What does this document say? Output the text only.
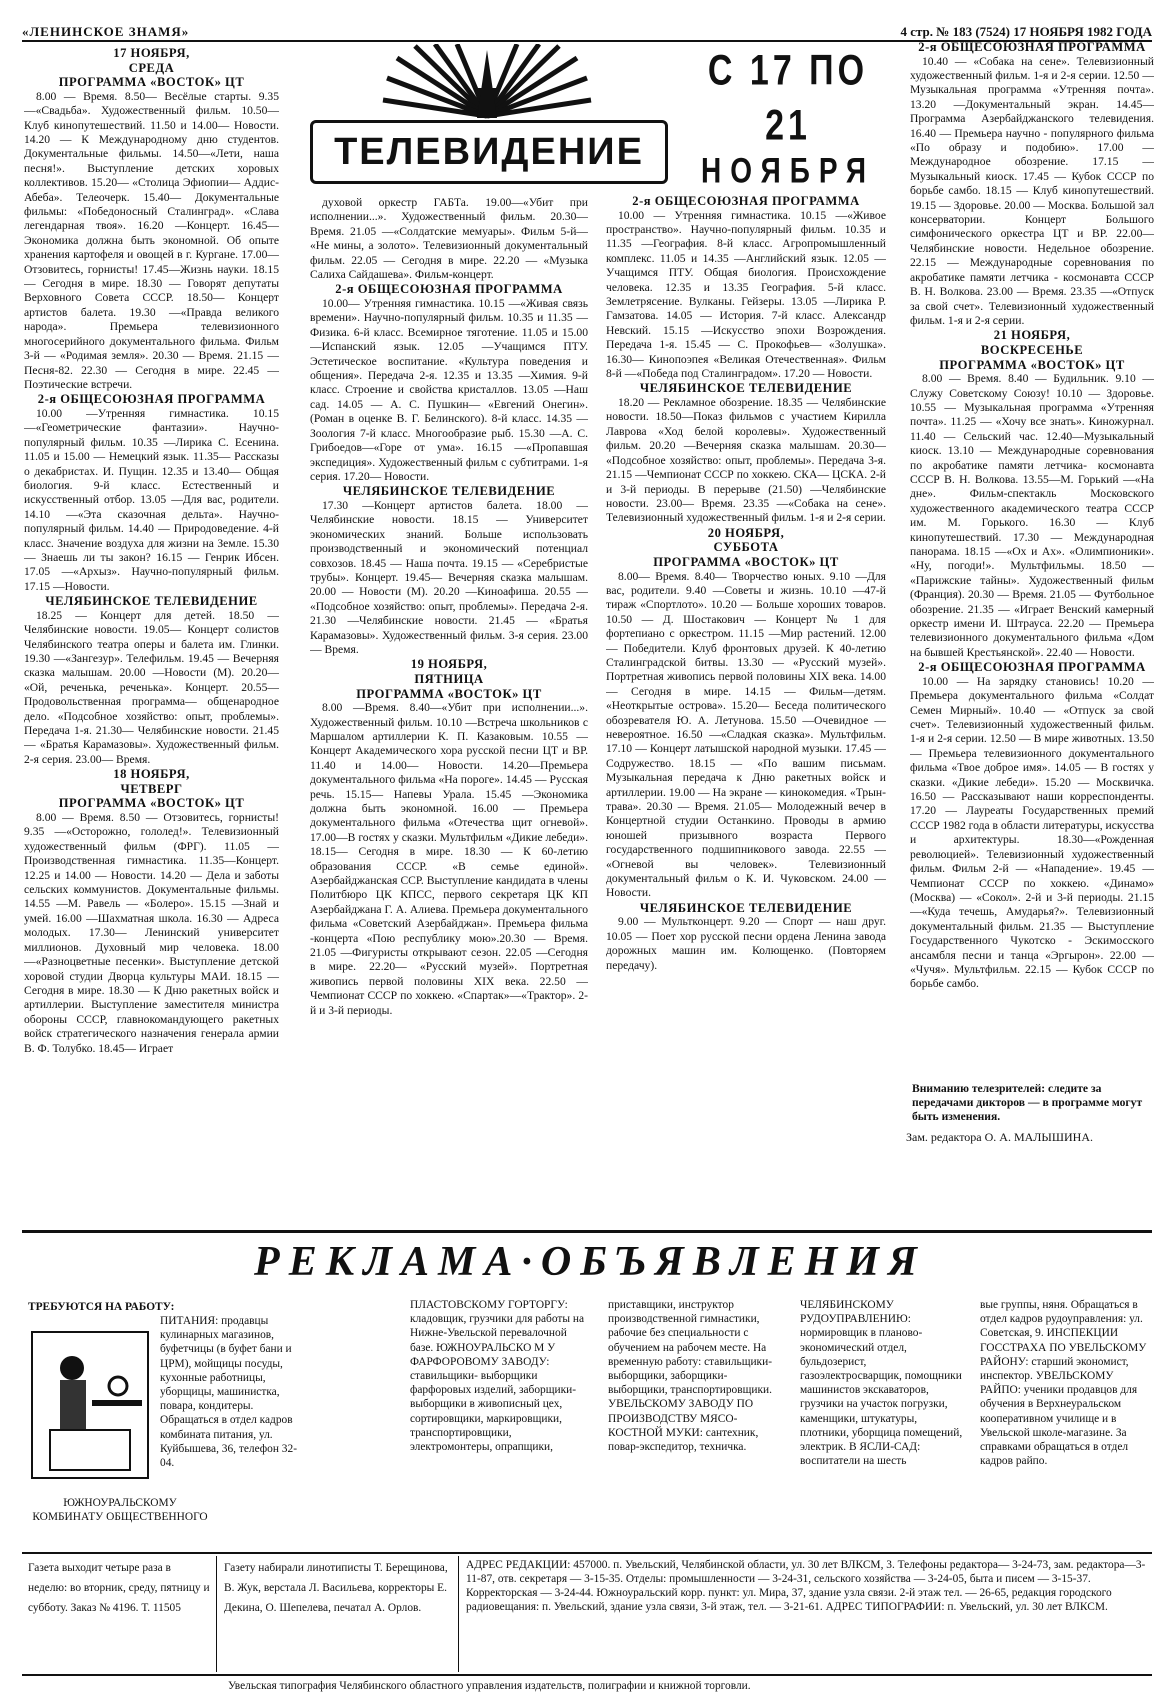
«ЛЕНИНСКОЕ ЗНАМЯ»	4 стр. № 183 (7524) 17 НОЯБРЯ 1982 ГОДА
17 НОЯБРЯ,
СРЕДА
ПРОГРАММА «ВОСТОК» ЦТ

8.00 — Время. 8.50— Весёлые старты. 9.35 —«Свадьба». Художественный фильм. 10.50— Клуб кинопутешествий. 11.50 и 14.00— Новости. 14.20 — К Международному дню студентов. Документальные фильмы. 14.50—«Лети, наша песня!». Выступление детских хоровых коллективов. 15.20— «Столица Эфиопии— Аддис-Абеба». Телеочерк. 15.40— Документальные фильмы: «Победоносный Сталинград». «Слава легендарная твоя». 16.20 —Концерт. 16.45— Экономика должна быть экономной. Об опыте хранения картофеля и овощей в г. Кургане. 17.00— Отзовитесь, горнисты! 17.45—Жизнь науки. 18.15 — Сегодня в мире. 18.30 — Говорят депутаты Верховного Совета СССР. 18.50— Концерт артистов балета. 19.30 —«Правда великого народа». Премьера телевизионного многосерийного документального фильма. Фильм 3-й — «Родимая земля». 20.30 — Время. 21.15 — Песня-82. 22.30 — Сегодня в мире. 22.45 — Поэтические встречи.

2-я ОБЩЕСОЮЗНАЯ ПРОГРАММА

10.00 —Утренняя гимнастика. 10.15 —«Геометрические фантазии». Научно-популярный фильм. 10.35 —Лирика С. Есенина. 11.05 и 15.00 — Немецкий язык. 11.35— Рассказы о декабристах. И. Пущин. 12.35 и 13.40— Общая биология. 9-й класс. Естественный и искусственный отбор. 13.05 —Для вас, родители. 14.10 —«Эта сказочная дельта». Научно-популярный фильм. 14.40 — Природоведение. 4-й класс. Значение воздуха для жизни на Земле. 15.30 — Знаешь ли ты закон? 16.15 — Генрик Ибсен. 17.05 —«Архыз». Научно-популярный фильм. 17.15 —Новости.

ЧЕЛЯБИНСКОЕ ТЕЛЕВИДЕНИЕ

18.25 — Концерт для детей. 18.50 — Челябинские новости. 19.05— Концерт солистов Челябинского театра оперы и балета им. Глинки. 19.30 —«Зангезур». Телефильм. 19.45 — Вечерняя сказка малышам. 20.00 —Новости (М). 20.20— «Ой, реченька, реченька». Концерт. 20.55— Продовольственная программа— общенародное дело. «Подсобное хозяйство: опыт, проблемы». Передача 1-я. 21.30— Челябинские новости. 21.45 — «Братья Карамазовы». Художественный фильм. 2-я серия. 23.00— Время.

18 НОЯБРЯ,
ЧЕТВЕРГ
ПРОГРАММА «ВОСТОК» ЦТ

8.00 — Время. 8.50 — Отзовитесь, горнисты! 9.35 —«Осторожно, гололед!». Телевизионный художественный фильм (ФРГ). 11.05 — Производственная гимнастика. 11.35—Концерт. 12.25 и 14.00 — Новости. 14.20 — Дела и заботы сельских коммунистов. Документальные фильмы. 14.55 —М. Равель — «Болеро». 15.15 —Знай и умей. 16.00 —Шахматная школа. 16.30 — Адреса молодых. 17.30— Ленинский университет миллионов. Духовный мир человека. 18.00 —«Разноцветные песенки». Выступление детской хоровой студии Дворца культуры МАИ. 18.15 —Сегодня в мире. 18.30 — К Дню ракетных войск и артиллерии. Выступление заместителя министра обороны СССР, главнокомандующего ракетных войск стратегического назначения генерала армии В. Ф. Толубко. 18.45— Играет

ТЕЛЕВИДЕНИЕ
С 17 ПО 21
НОЯБРЯ

духовой оркестр ГАБТа. 19.00—«Убит при исполнении...». Художественный фильм. 20.30— Время. 21.05 —«Солдатские мемуары». Фильм 5-й— «Не мины, а золото». Телевизионный документальный фильм. 22.05 — Сегодня в мире. 22.20 — «Музыка Салиха Сайдашева». Фильм-концерт.

2-я ОБЩЕСОЮЗНАЯ ПРОГРАММА

10.00— Утренняя гимнастика. 10.15 —«Живая связь времени». Научно-популярный фильм. 10.35 и 11.35 — Физика. 6-й класс. Всемирное тяготение. 11.05 и 15.00 —Испанский язык. 12.05 —Учащимся ПТУ. Эстетическое воспитание. «Культура поведения и общения». Передача 2-я. 12.35 и 13.35 —Химия. 9-й класс. Строение и свойства кристаллов. 13.05 —Наш сад. 14.05 — А. С. Пушкин— «Евгений Онегин». (Роман в оценке В. Г. Белинского). 8-й класс. 14.35 —Зоология 7-й класс. Многообразие рыб. 15.30 —А. С. Грибоедов—«Горе от ума». 16.15 —«Пропавшая экспедиция». Художественный фильм с субтитрами. 1-я серия. 17.20— Новости.

ЧЕЛЯБИНСКОЕ ТЕЛЕВИДЕНИЕ

17.30 —Концерт артистов балета. 18.00 — Челябинские новости. 18.15 — Университет экономических знаний. Больше использовать производственный и экономический потенциал совхозов. 18.45 — Наша почта. 19.15 — «Серебристые трубы». Концерт. 19.45— Вечерняя сказка малышам. 20.00 — Новости (М). 20.20 —Киноафиша. 20.55 — «Подсобное хозяйство: опыт, проблемы». Передача 2-я. 21.30 —Челябинские новости. 21.45 — «Братья Карамазовы». Художественный фильм. 3-я серия. 23.00 — Время.

19 НОЯБРЯ,
ПЯТНИЦА
ПРОГРАММА «ВОСТОК» ЦТ

8.00 —Время. 8.40—«Убит при исполнении...». Художественный фильм. 10.10 —Встреча школьников с Маршалом артиллерии К. П. Казаковым. 10.55 —Концерт Академического хора русской песни ЦТ и ВР. 11.40 и 14.00— Новости. 14.20—Премьера документального фильма «На пороге». 14.45 — Русская речь. 15.15— Напевы Урала. 15.45 —Экономика должна быть экономной. 16.00 — Премьера документального фильма «Отечества щит огневой». 17.00—В гостях у сказки. Мультфильм «Дикие лебеди». 18.15— Сегодня в мире. 18.30 — К 60-летию образования СССР. «В семье единой». Азербайджанская ССР. Выступление кандидата в члены Политбюро ЦК КПСС, первого секретаря ЦК КП Азербайджана Г. А. Алиева. Премьера документального фильма «Советский Азербайджан». Премьера фильма -концерта «Пою республику мою».20.30 — Время. 21.05 —Фигуристы открывают сезон. 22.05 —Сегодня в мире. 22.20— «Русский музей». Портретная живопись первой половины XIX века. 22.50 — Чемпионат СССР по хоккею. «Спартак»—«Трактор». 2-й и 3-й периоды.

2-я ОБЩЕСОЮЗНАЯ ПРОГРАММА

10.00 — Утренняя гимнастика. 10.15 —«Живое пространство». Научно-популярный фильм. 10.35 и 11.35 —География. 8-й класс. Агропромышленный комплекс. 11.05 и 14.35 —Английский язык. 12.05 — Учащимся ПТУ. Общая биология. Происхождение человека. 12.35 и 13.35 География. 5-й класс. Землетрясение. Вулканы. Гейзеры. 13.05 —Лирика Р. Гамзатова. 14.05 — История. 7-й класс. Александр Невский. 15.15 —Искусство эпохи Возрождения. Передача 1-я. 15.45 — С. Прокофьев— «Золушка». 16.30— Кинопоэпея «Великая Отечественная». Фильм 8-й —«Победа под Сталинградом». 17.20 — Новости.

ЧЕЛЯБИНСКОЕ ТЕЛЕВИДЕНИЕ

18.20 — Рекламное обозрение. 18.35 — Челябинские новости. 18.50—Показ фильмов с участием Кирилла Лаврова «Ход белой королевы». Художественный фильм. 20.20 —Вечерняя сказка малышам. 20.30— «Подсобное хозяйство: опыт, проблемы». Передача 3-я. 21.15 —Чемпионат СССР по хоккею. СКА— ЦСКА. 2-й и 3-й периоды. В перерыве (21.50) —Челябинские новости. 23.00— Время. 23.35 —«Собака на сене». Телевизионный художественный фильм. 1-я и 2-я серии.

20 НОЯБРЯ,
СУББОТА
ПРОГРАММА «ВОСТОК» ЦТ

8.00— Время. 8.40— Творчество юных. 9.10 —Для вас, родители. 9.40 —Советы и жизнь. 10.10 —47-й тираж «Спортлото». 10.20 — Больше хороших товаров. 10.50 — Д. Шостакович — Концерт № 1 для фортепиано с оркестром. 11.15 —Мир растений. 12.00— Победители. Клуб фронтовых друзей. К 40-летию Сталинградской битвы. 13.30 — «Русский музей». Портретная живопись первой половины XIX века. 14.00 — Сегодня в мире. 14.15 — Фильм—детям. «Неоткрытые острова». 15.20— Беседа политического обозревателя Ю. А. Летунова. 15.50 —Очевидное — невероятное. 16.50 —«Сладкая сказка». Мультфильм. 17.10 — Концерт латышской народной музыки. 17.45 — Содружество. 18.15 — «По вашим письмам. Музыкальная передача к Дню ракетных войск и артиллерии. 19.00 — На экране — кинокомедия. «Трын-трава». 20.30 — Время. 21.05— Молодежный вечер в Концертной студии Останкино. Проводы в армию юношей призывного возраста Первого государственного подшипникового завода. 22.55 — «Огневой вы человек». Телевизионный документальный фильм о К. И. Чуковском. 24.00 — Новости.

ЧЕЛЯБИНСКОЕ ТЕЛЕВИДЕНИЕ

9.00 — Мультконцерт. 9.20 — Спорт — наш друг. 10.05 — Поет хор русской песни ордена Ленина завода дорожных машин им. Колющенко. (Повторяем передачу).

2-я ОБЩЕСОЮЗНАЯ ПРОГРАММА

10.40 — «Собака на сене». Телевизионный художественный фильм. 1-я и 2-я серии. 12.50 — Музыкальная программа «Утренняя почта». 13.20 —Документальный экран. 14.45—Программа Азербайджанского телевидения. 16.40 — Премьера научно - популярного фильма «По образу и подобию». 17.00 — Международное обозрение. 17.15 — Музыкальный киоск. 17.45 — Кубок СССР по борьбе самбо. 18.15 — Клуб кинопутешествий. 19.15 — Здоровье. 20.00 — Москва. Большой зал консерватории. Концерт Большого симфонического оркестра ЦТ и ВР. 22.00—Челябинские новости. Недельное обозрение. 22.15 — Международные соревнования по акробатике памяти летчика - космонавта СССР В. Н. Волкова. 23.00 — Время. 23.35 —«Отпуск за свой счет». Телевизионный художественный фильм. 1-я и 2-я серии.

21 НОЯБРЯ,
ВОСКРЕСЕНЬЕ
ПРОГРАММА «ВОСТОК» ЦТ

8.00 — Время. 8.40 — Будильник. 9.10 — Служу Советскому Союзу! 10.10 — Здоровье. 10.55 — Музыкальная программа «Утренняя почта». 11.25 — «Хочу все знать». Киножурнал. 11.40 — Сельский час. 12.40—Музыкальный киоск. 13.10 — Международные соревнования по акробатике памяти летчика- космонавта СССР В. Н. Волкова. 13.55—М. Горький —«На дне». Фильм-спектакль Московского художественного академического театра СССР им. М. Горького. 16.30 — Клуб кинопутешествий. 17.30 — Международная панорама. 18.15 —«Ох и Ах». «Олимпионики». «Ну, погоди!». Мультфильмы. 18.50 — «Парижские тайны». Художественный фильм (Франция). 20.30 — Время. 21.05 — Футбольное обозрение. 21.35 — «Играет Венский камерный оркестр имени И. Штрауса. 22.20 — Премьера телевизионного документального фильма «Дом на бывшей Крестьянской». 22.40 — Новости.

2-я ОБЩЕСОЮЗНАЯ ПРОГРАММА

10.00 — На зарядку становись! 10.20 — Премьера документального фильма «Солдат Семен Мирный». 10.40 — «Отпуск за свой счет». Телевизионный художественный фильм. 1-я и 2-я серии. 12.50 — В мире животных. 13.50 — Премьера телевизионного документального фильма «Твое доброе имя». 14.05 — В гостях у сказки. «Дикие лебеди». 15.20 — Москвичка. 16.50 — Рассказывают наши корреспонденты. 17.20 — Лауреаты Государственных премий СССР 1982 года в области литературы, искусства и архитектуры. 18.30—«Рожденная революцией». Телевизионный художественный фильм. Фильм 2-й — «Нападение». 19.45 — Чемпионат СССР по хоккею. «Динамо» (Москва) — «Сокол». 2-й и 3-й периоды. 21.15—«Куда течешь, Амударья?». Телевизионный документальный фильм. 21.35 — Выступление Государственного Чукотско - Эскимосского ансамбля песни и танца «Эргырон». 22.00 — «Чучя». Мультфильм. 22.15 — Кубок СССР по борьбе самбо.

Вниманию телезрителей: следите за передачами дикторов — в программе могут быть изменения.
Зам. редактора О. А. МАЛЫШИНА.
РЕКЛАМА·ОБЪЯВЛЕНИЯ
ТРЕБУЮТСЯ НА РАБОТУ:
ПИТАНИЯ: продавцы кулинарных магазинов, буфетчицы (в буфет бани и ЦРМ), мойщицы посуды, кухонные работницы, уборщицы, машинистка, повара, кондитеры. Обращаться в отдел кадров комбината питания, ул. Куйбышева, 36, телефон 32-04.
ЮЖНОУРАЛЬСКОМУ КОМБИНАТУ ОБЩЕСТВЕННОГО
ПЛАСТОВСКОМУ ГОРТОРГУ: кладовщик, грузчики для работы на Нижне-Увельской перевалочной базе. ЮЖНОУРАЛЬСКО М У ФАРФОРОВОМУ ЗАВОДУ: ставильщики- выборщики фарфоровых изделий, заборщики- выборщики в живописный цех, сортировщики, маркировщики, транспортировщики, электромонтеры, опрапщики,
приставщики, инструктор производственной гимнастики, рабочие без специальности с обучением на рабочем месте. На временную работу: ставильщики- выборщики, заборщики-выборщики, транспортировщики. УВЕЛЬСКОМУ ЗАВОДУ ПО ПРОИЗВОДСТВУ МЯСО-КОСТНОЙ МУКИ: сантехник, повар-экспедитор, техничка.
ЧЕЛЯБИНСКОМУ РУДОУПРАВЛЕНИЮ: нормировщик в планово- экономический отдел, бульдозерист, газоэлектросварщик, помощники машинистов экскаваторов, грузчики на участок погрузки, каменщики, штукатуры, плотники, уборщица помещений, электрик. В ЯСЛИ-САД: воспитатели на шесть
вые группы, няня. Обращаться в отдел кадров рудоуправления: ул. Советская, 9. ИНСПЕКЦИИ ГОССТРАХА ПО УВЕЛЬСКОМУ РАЙОНУ: старший экономист, инспектор. УВЕЛЬСКОМУ РАЙПО: ученики продавцов для обучения в Верхнеуральском кооперативном училище и в Увельской школе-магазине. За справками обращаться в отдел кадров райпо.
Газета выходит четыре раза в неделю: во вторник, среду, пятницу и субботу. Заказ № 4196. Т. 11505
Газету набирали линотиписты Т. Берещинова, В. Жук, верстала Л. Васильева, корректоры Е. Декина, О. Шепелева, печатал А. Орлов.
АДРЕС РЕДАКЦИИ: 457000. п. Увельский, Челябинской области, ул. 30 лет ВЛКСМ, 3. Телефоны редактора— 3-24-73, зам. редактора—3-11-87, отв. секретаря — 3-15-35. Отделы: промышленности — 3-24-31, сельского хозяйства — 3-24-05, быта и писем — 3-15-37. Корректорская — 3-24-44. Южноуральский корр. пункт: ул. Мира, 37, здание узла связи. 2-й этаж тел. — 26-65, редакция городского радиовещания: п. Увельский, здание узла связи, 3-й этаж, тел. — 3-21-61. АДРЕС ТИПОГРАФИИ: п. Увельский, ул. 30 лет ВЛКСМ.
Увельская типография Челябинского областного управления издательств, полиграфии и книжной торговли.
